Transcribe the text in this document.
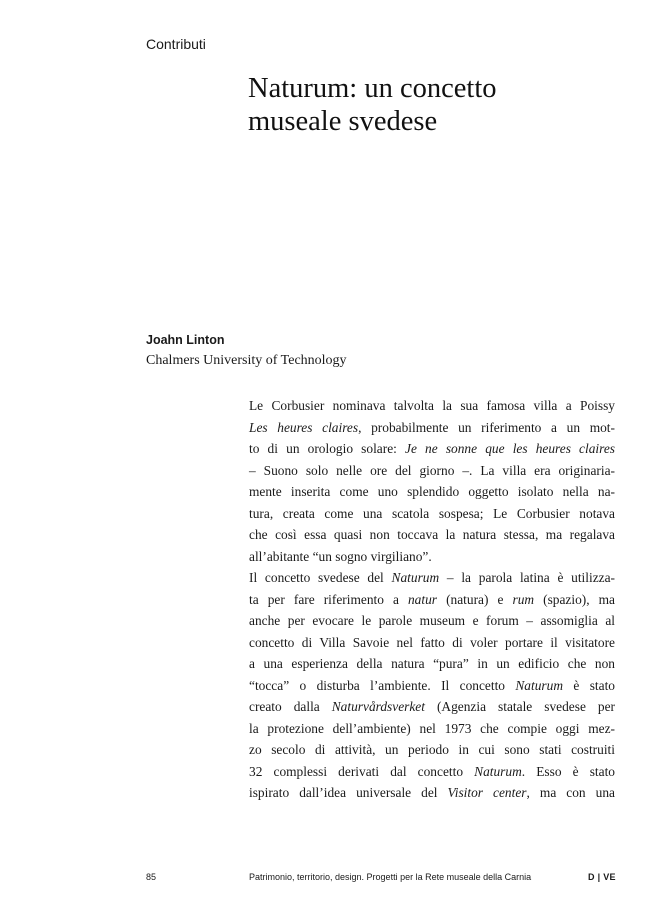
Contributi
Naturum: un concetto
museale svedese
Joahn Linton
Chalmers University of Technology
Le Corbusier nominava talvolta la sua famosa villa a Poissy
Les heures claires, probabilmente un riferimento a un mot-
to di un orologio solare: Je ne sonne que les heures claires
– Suono solo nelle ore del giorno –. La villa era originaria-
mente inserita come uno splendido oggetto isolato nella na-
tura, creata come una scatola sospesa; Le Corbusier notava
che così essa quasi non toccava la natura stessa, ma regalava
all’abitante “un sogno virgiliano”.
Il concetto svedese del Naturum – la parola latina è utilizza-
ta per fare riferimento a natur (natura) e rum (spazio), ma
anche per evocare le parole museum e forum – assomiglia al
concetto di Villa Savoie nel fatto di voler portare il visitatore
a una esperienza della natura “pura” in un edificio che non
“tocca” o disturba l’ambiente. Il concetto Naturum è stato
creato dalla Naturvårdsverket (Agenzia statale svedese per
la protezione dell’ambiente) nel 1973 che compie oggi mez-
zo secolo di attività, un periodo in cui sono stati costruiti
32 complessi derivati dal concetto Naturum. Esso è stato
ispirato dall’idea universale del Visitor center, ma con una
85	Patrimonio, territorio, design. Progetti per la Rete museale della Carnia	D | VE
